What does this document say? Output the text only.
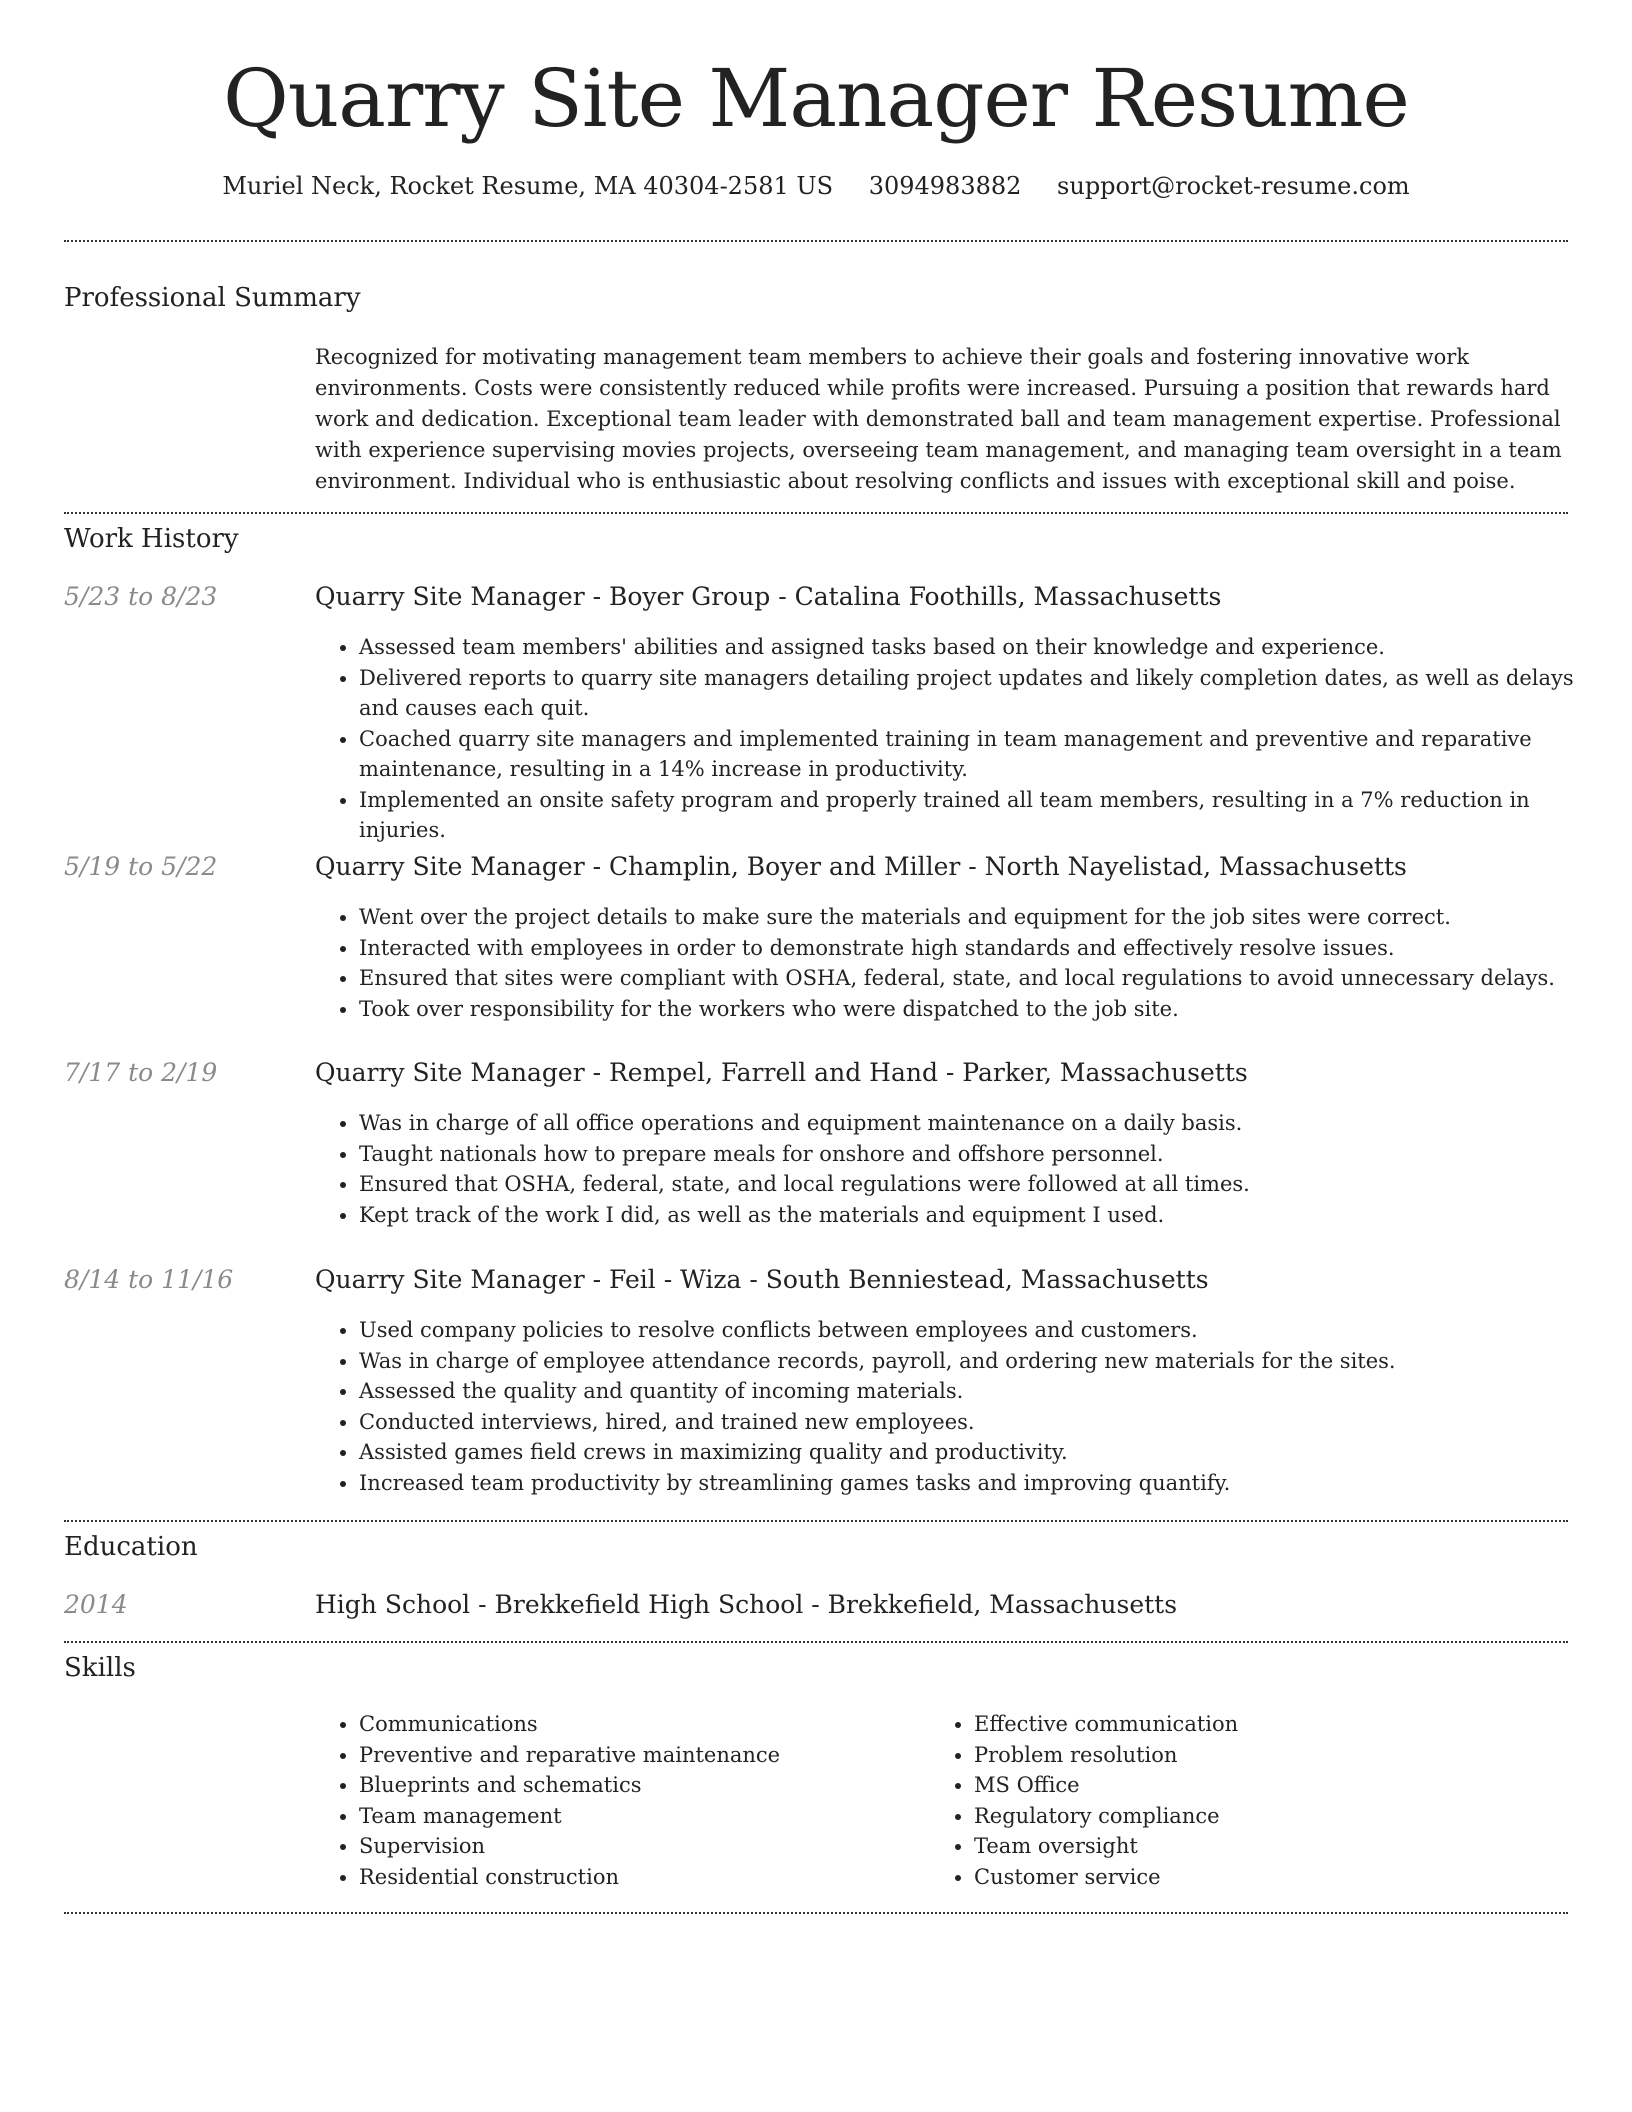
Quarry Site Manager Resume
Muriel Neck, Rocket Resume, MA 40304-2581 US 3094983882 support@rocket-resume.com
Professional Summary

Recognized for motivating management team members to achieve their goals and fostering innovative work environments. Costs were consistently reduced while profits were increased. Pursuing a position that rewards hard work and dedication. Exceptional team leader with demonstrated ball and team management expertise. Professional with experience supervising movies projects, overseeing team management, and managing team oversight in a team environment. Individual who is enthusiastic about resolving conflicts and issues with exceptional skill and poise.

Work History
5/23 to 8/23	Quarry Site Manager - Boyer Group - Catalina Foothills, Massachusetts
• Assessed team members' abilities and assigned tasks based on their knowledge and experience.
• Delivered reports to quarry site managers detailing project updates and likely completion dates, as well as delays and causes each quit.
• Coached quarry site managers and implemented training in team management and preventive and reparative maintenance, resulting in a 14% increase in productivity.
• Implemented an onsite safety program and properly trained all team members, resulting in a 7% reduction in injuries.
5/19 to 5/22	Quarry Site Manager - Champlin, Boyer and Miller - North Nayelistad, Massachusetts
• Went over the project details to make sure the materials and equipment for the job sites were correct.
• Interacted with employees in order to demonstrate high standards and effectively resolve issues.
• Ensured that sites were compliant with OSHA, federal, state, and local regulations to avoid unnecessary delays.
• Took over responsibility for the workers who were dispatched to the job site.
7/17 to 2/19	Quarry Site Manager - Rempel, Farrell and Hand - Parker, Massachusetts
• Was in charge of all office operations and equipment maintenance on a daily basis.
• Taught nationals how to prepare meals for onshore and offshore personnel.
• Ensured that OSHA, federal, state, and local regulations were followed at all times.
• Kept track of the work I did, as well as the materials and equipment I used.
8/14 to 11/16	Quarry Site Manager - Feil - Wiza - South Benniestead, Massachusetts
• Used company policies to resolve conflicts between employees and customers.
• Was in charge of employee attendance records, payroll, and ordering new materials for the sites.
• Assessed the quality and quantity of incoming materials.
• Conducted interviews, hired, and trained new employees.
• Assisted games field crews in maximizing quality and productivity.
• Increased team productivity by streamlining games tasks and improving quantify.
Education
2014	High School - Brekkefield High School - Brekkefield, Massachusetts
Skills
• Communications
• Preventive and reparative maintenance
• Blueprints and schematics
• Team management
• Supervision
• Residential construction
• Effective communication
• Problem resolution
• MS Office
• Regulatory compliance
• Team oversight
• Customer service
